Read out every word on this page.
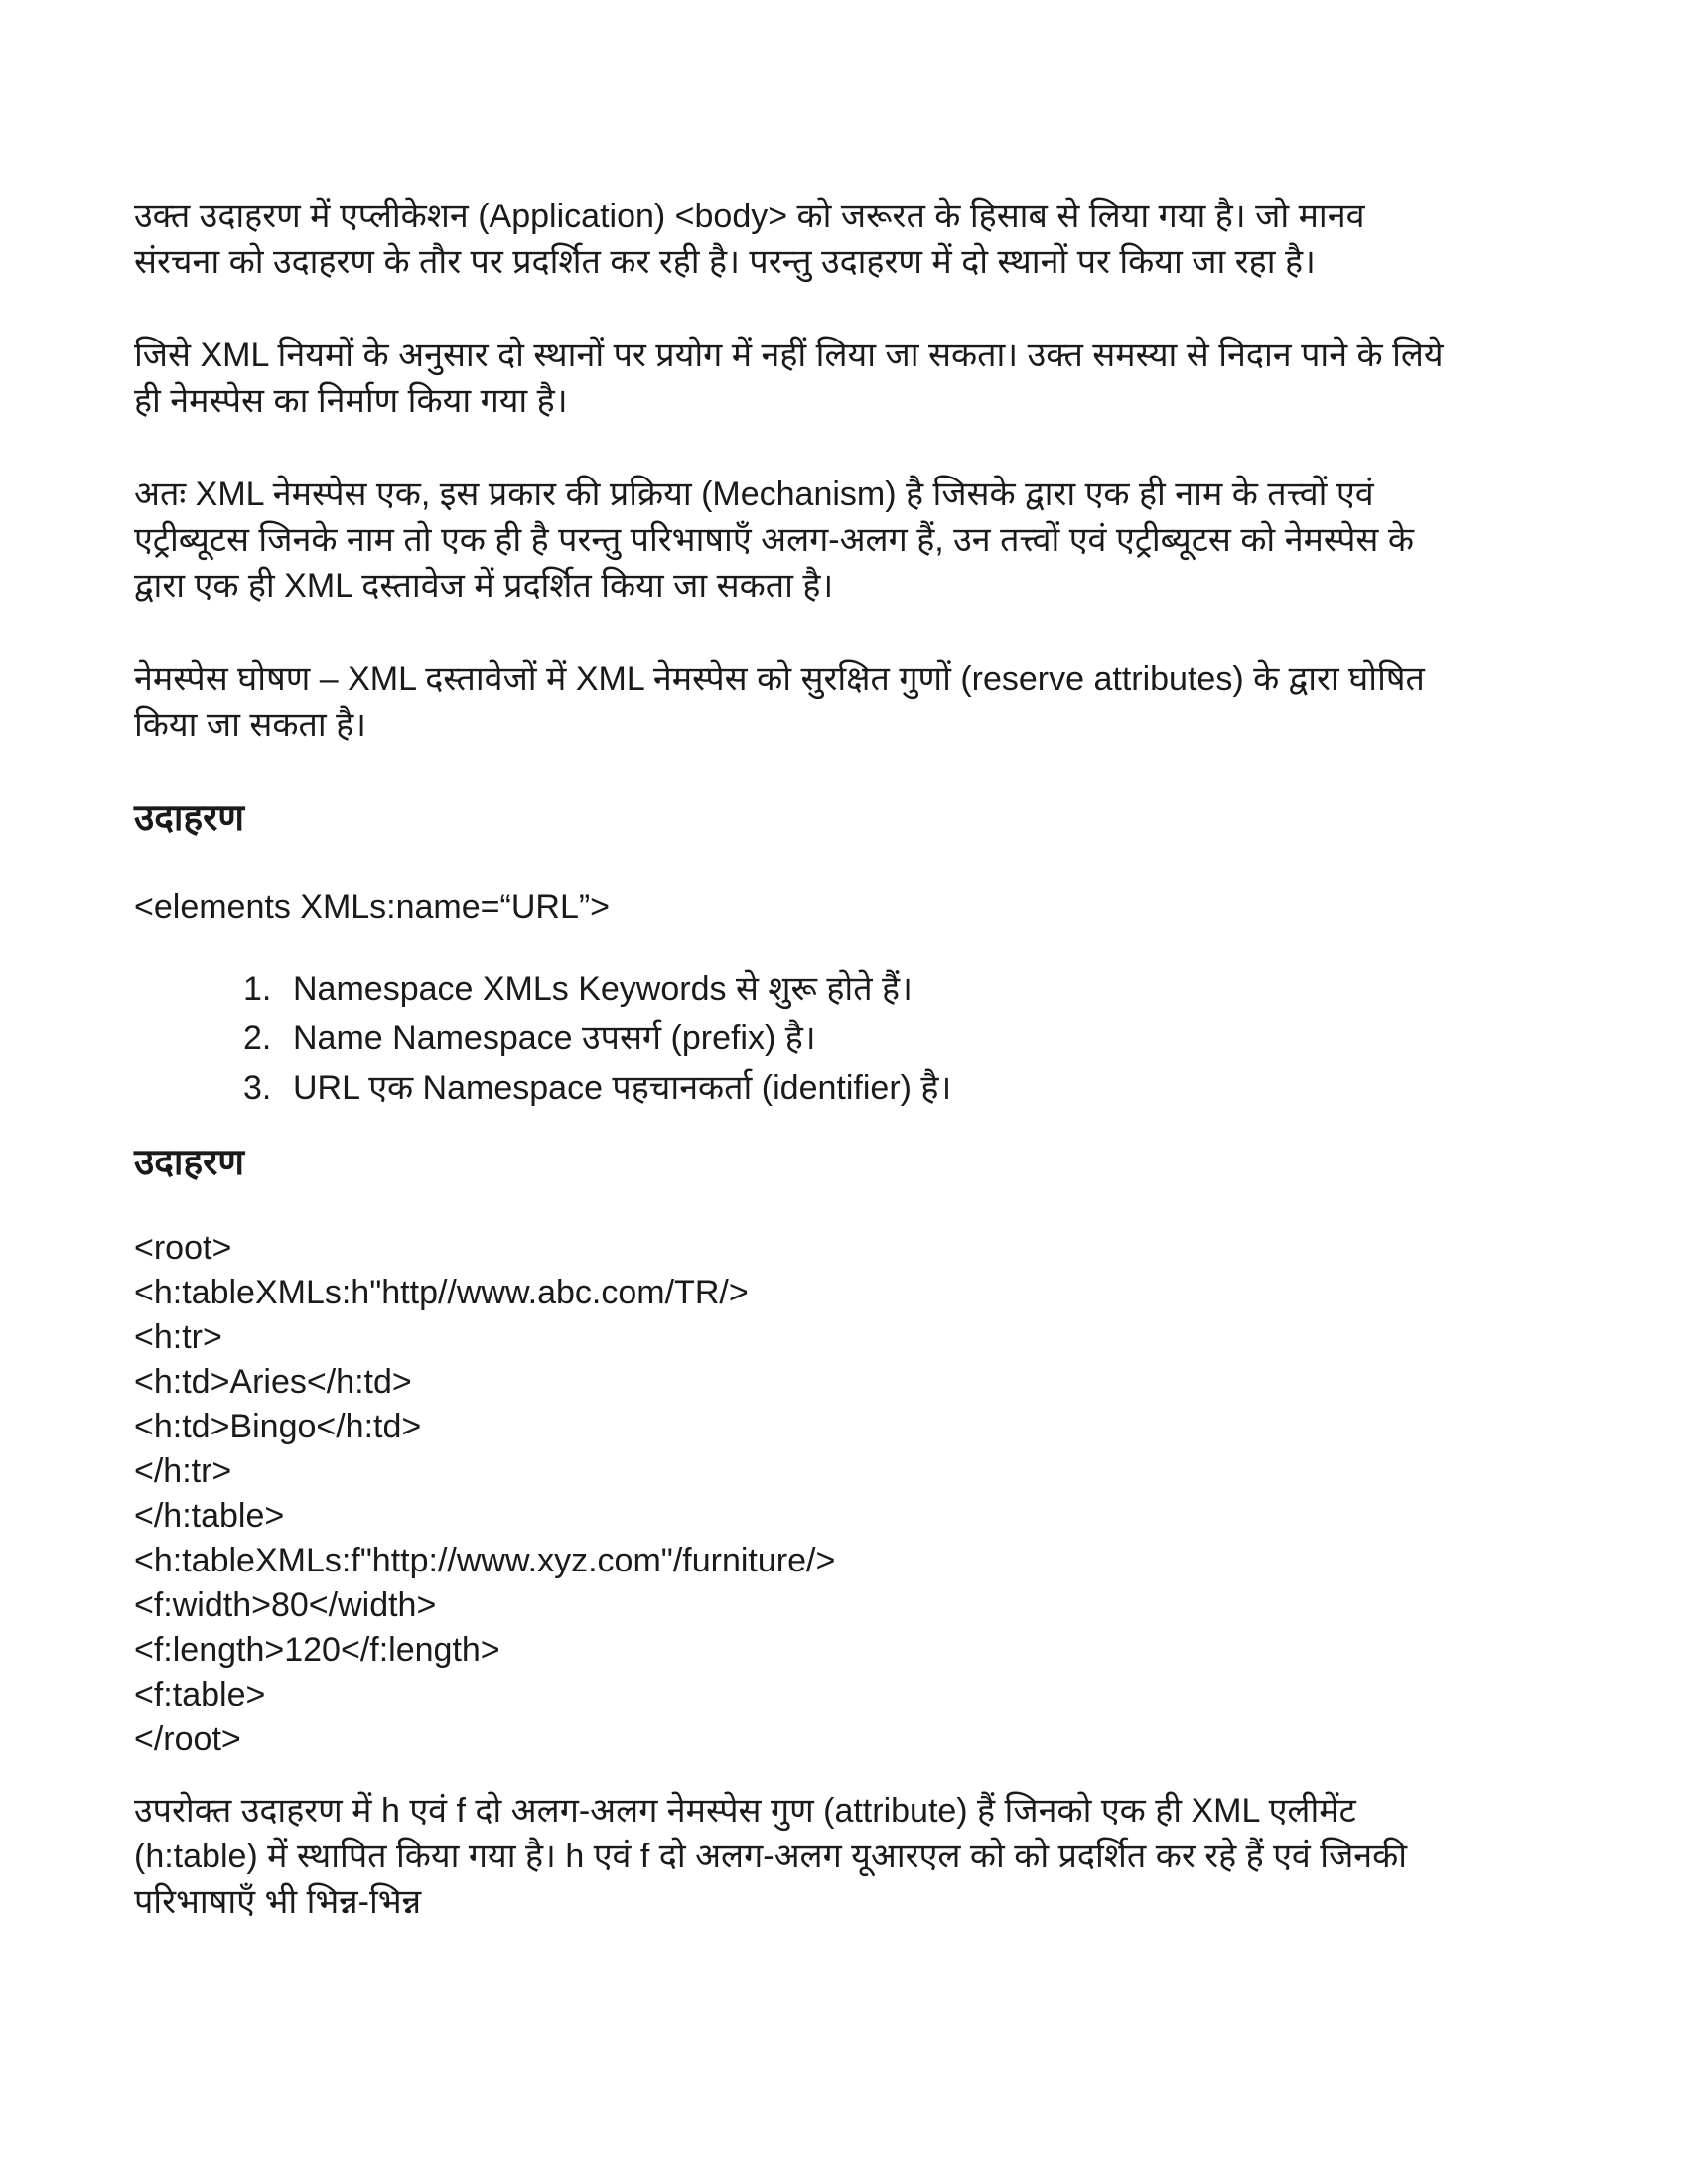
उक्त उदाहरण में एप्लीकेशन (Application) <body> को जरूरत के हिसाब से लिया गया है। जो मानव संरचना को उदाहरण के तौर पर प्रदर्शित कर रही है। परन्तु उदाहरण में दो स्थानों पर किया जा रहा है।

जिसे XML नियमों के अनुसार दो स्थानों पर प्रयोग में नहीं लिया जा सकता। उक्त समस्या से निदान पाने के लिये ही नेमस्पेस का निर्माण किया गया है।

अतः XML नेमस्पेस एक, इस प्रकार की प्रक्रिया (Mechanism) है जिसके द्वारा एक ही नाम के तत्त्वों एवं एट्रीब्यूटस जिनके नाम तो एक ही है परन्तु परिभाषाएँ अलग-अलग हैं, उन तत्त्वों एवं एट्रीब्यूटस को नेमस्पेस के द्वारा एक ही XML दस्तावेज में प्रदर्शित किया जा सकता है।

नेमस्पेस घोषण – XML दस्तावेजों में XML नेमस्पेस को सुरक्षित गुणों (reserve attributes) के द्वारा घोषित किया जा सकता है।

उदाहरण
<elements XMLs:name=“URL”>
1. Namespace XMLs Keywords से शुरू होते हैं।
2. Name Namespace उपसर्ग (prefix) है।
3. URL एक Namespace पहचानकर्ता (identifier) है।
उदाहरण
<root>
<h:tableXMLs:h"http//www.abc.com/TR/>
<h:tr>
<h:td>Aries</h:td>
<h:td>Bingo</h:td>
</h:tr>
</h:table>
<h:tableXMLs:f"http://www.xyz.com"/furniture/>
<f:width>80</width>
<f:length>120</f:length>
<f:table>
</root>

उपरोक्त उदाहरण में h एवं f दो अलग-अलग नेमस्पेस गुण (attribute) हैं जिनको एक ही XML एलीमेंट (h:table) में स्थापित किया गया है। h एवं f दो अलग-अलग यूआरएल को को प्रदर्शित कर रहे हैं एवं जिनकी परिभाषाएँ भी भिन्न-भिन्न
